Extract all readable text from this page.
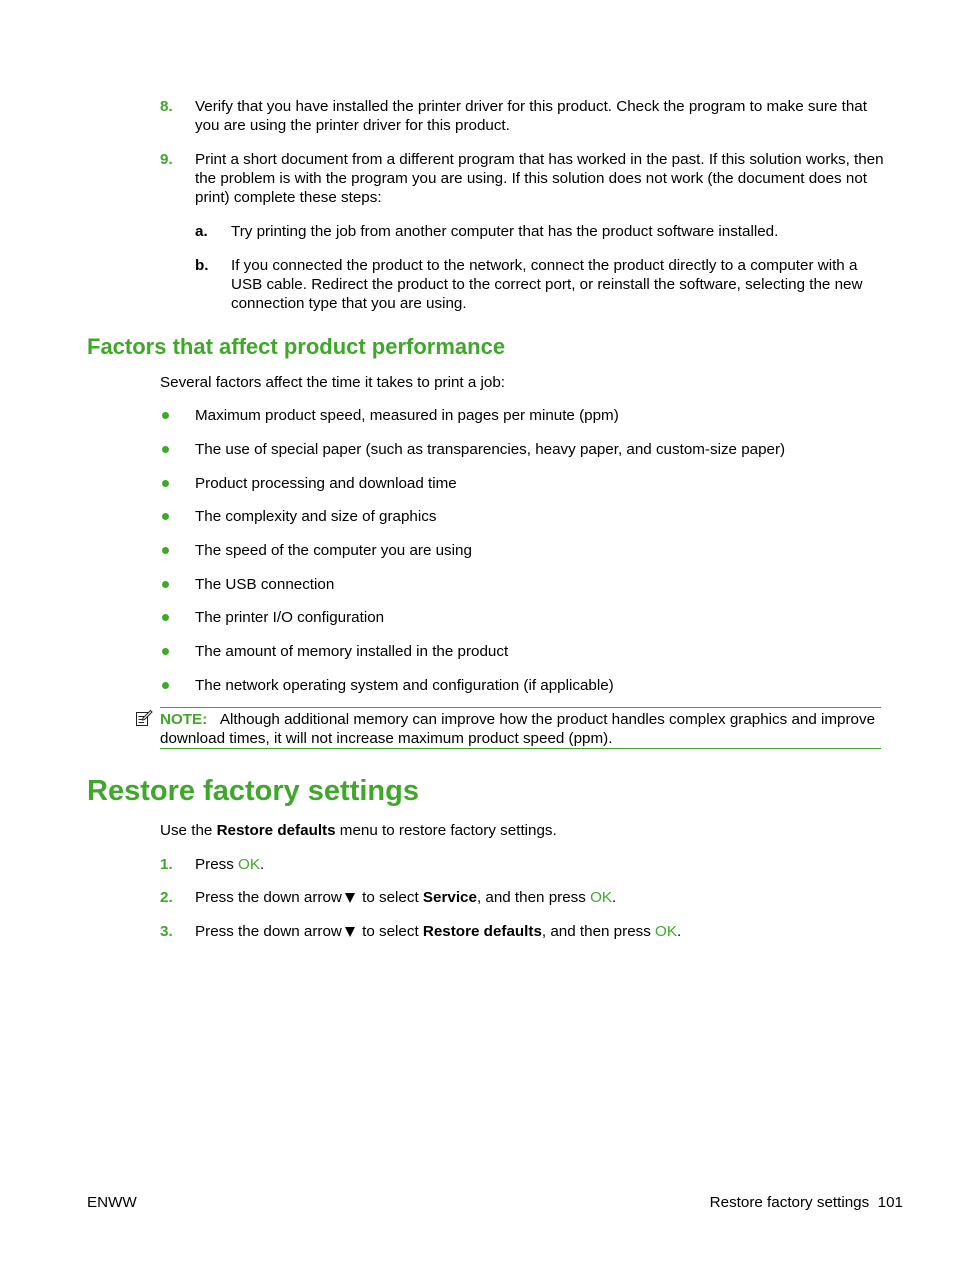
8. Verify that you have installed the printer driver for this product. Check the program to make sure that you are using the printer driver for this product.
9. Print a short document from a different program that has worked in the past. If this solution works, then the problem is with the program you are using. If this solution does not work (the document does not print) complete these steps:
a. Try printing the job from another computer that has the product software installed.
b. If you connected the product to the network, connect the product directly to a computer with a USB cable. Redirect the product to the correct port, or reinstall the software, selecting the new connection type that you are using.
Factors that affect product performance
Several factors affect the time it takes to print a job:
Maximum product speed, measured in pages per minute (ppm)
The use of special paper (such as transparencies, heavy paper, and custom-size paper)
Product processing and download time
The complexity and size of graphics
The speed of the computer you are using
The USB connection
The printer I/O configuration
The amount of memory installed in the product
The network operating system and configuration (if applicable)
NOTE: Although additional memory can improve how the product handles complex graphics and improve download times, it will not increase maximum product speed (ppm).
Restore factory settings
Use the Restore defaults menu to restore factory settings.
1. Press OK.
2. Press the down arrow to select Service, and then press OK.
3. Press the down arrow to select Restore defaults, and then press OK.
ENWW	Restore factory settings 101
